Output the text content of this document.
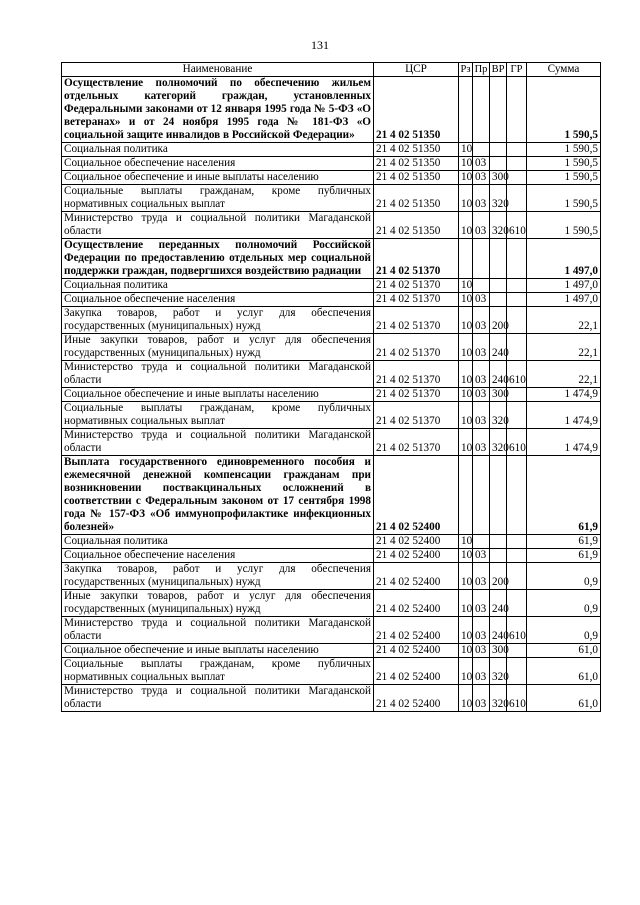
131
Наименование	ЦСР	Рз	Пр	ВР	ГР	Сумма
Осуществление полномочий по обеспечению жильем отдельных категорий граждан, установленных Федеральными законами от 12 января 1995 года № 5-ФЗ «О ветеранах» и от 24 ноября 1995 года № 181-ФЗ «О социальной защите инвалидов в Российской Федерации»	21 4 02 51350					1 590,5
Социальная политика	21 4 02 51350	10				1 590,5
Социальное обеспечение населения	21 4 02 51350	10	03			1 590,5
Социальное обеспечение и иные выплаты населению	21 4 02 51350	10	03	300		1 590,5
Социальные выплаты гражданам, кроме публичных нормативных социальных выплат	21 4 02 51350	10	03	320		1 590,5
Министерство труда и социальной политики Магаданской области	21 4 02 51350	10	03	320	610	1 590,5
Осуществление переданных полномочий Российской Федерации по предоставлению отдельных мер социальной поддержки граждан, подвергшихся воздействию радиации	21 4 02 51370					1 497,0
Социальная политика	21 4 02 51370	10				1 497,0
Социальное обеспечение населения	21 4 02 51370	10	03			1 497,0
Закупка товаров, работ и услуг для обеспечения государственных (муниципальных) нужд	21 4 02 51370	10	03	200		22,1
Иные закупки товаров, работ и услуг для обеспечения государственных (муниципальных) нужд	21 4 02 51370	10	03	240		22,1
Министерство труда и социальной политики Магаданской области	21 4 02 51370	10	03	240	610	22,1
Социальное обеспечение и иные выплаты населению	21 4 02 51370	10	03	300		1 474,9
Социальные выплаты гражданам, кроме публичных нормативных социальных выплат	21 4 02 51370	10	03	320		1 474,9
Министерство труда и социальной политики Магаданской области	21 4 02 51370	10	03	320	610	1 474,9
Выплата государственного единовременного пособия и ежемесячной денежной компенсации гражданам при возникновении поствакцинальных осложнений в соответствии с Федеральным законом от 17 сентября 1998 года № 157-ФЗ «Об иммунопрофилактике инфекционных болезней»	21 4 02 52400					61,9
Социальная политика	21 4 02 52400	10				61,9
Социальное обеспечение населения	21 4 02 52400	10	03			61,9
Закупка товаров, работ и услуг для обеспечения государственных (муниципальных) нужд	21 4 02 52400	10	03	200		0,9
Иные закупки товаров, работ и услуг для обеспечения государственных (муниципальных) нужд	21 4 02 52400	10	03	240		0,9
Министерство труда и социальной политики Магаданской области	21 4 02 52400	10	03	240	610	0,9
Социальное обеспечение и иные выплаты населению	21 4 02 52400	10	03	300		61,0
Социальные выплаты гражданам, кроме публичных нормативных социальных выплат	21 4 02 52400	10	03	320		61,0
Министерство труда и социальной политики Магаданской области	21 4 02 52400	10	03	320	610	61,0
